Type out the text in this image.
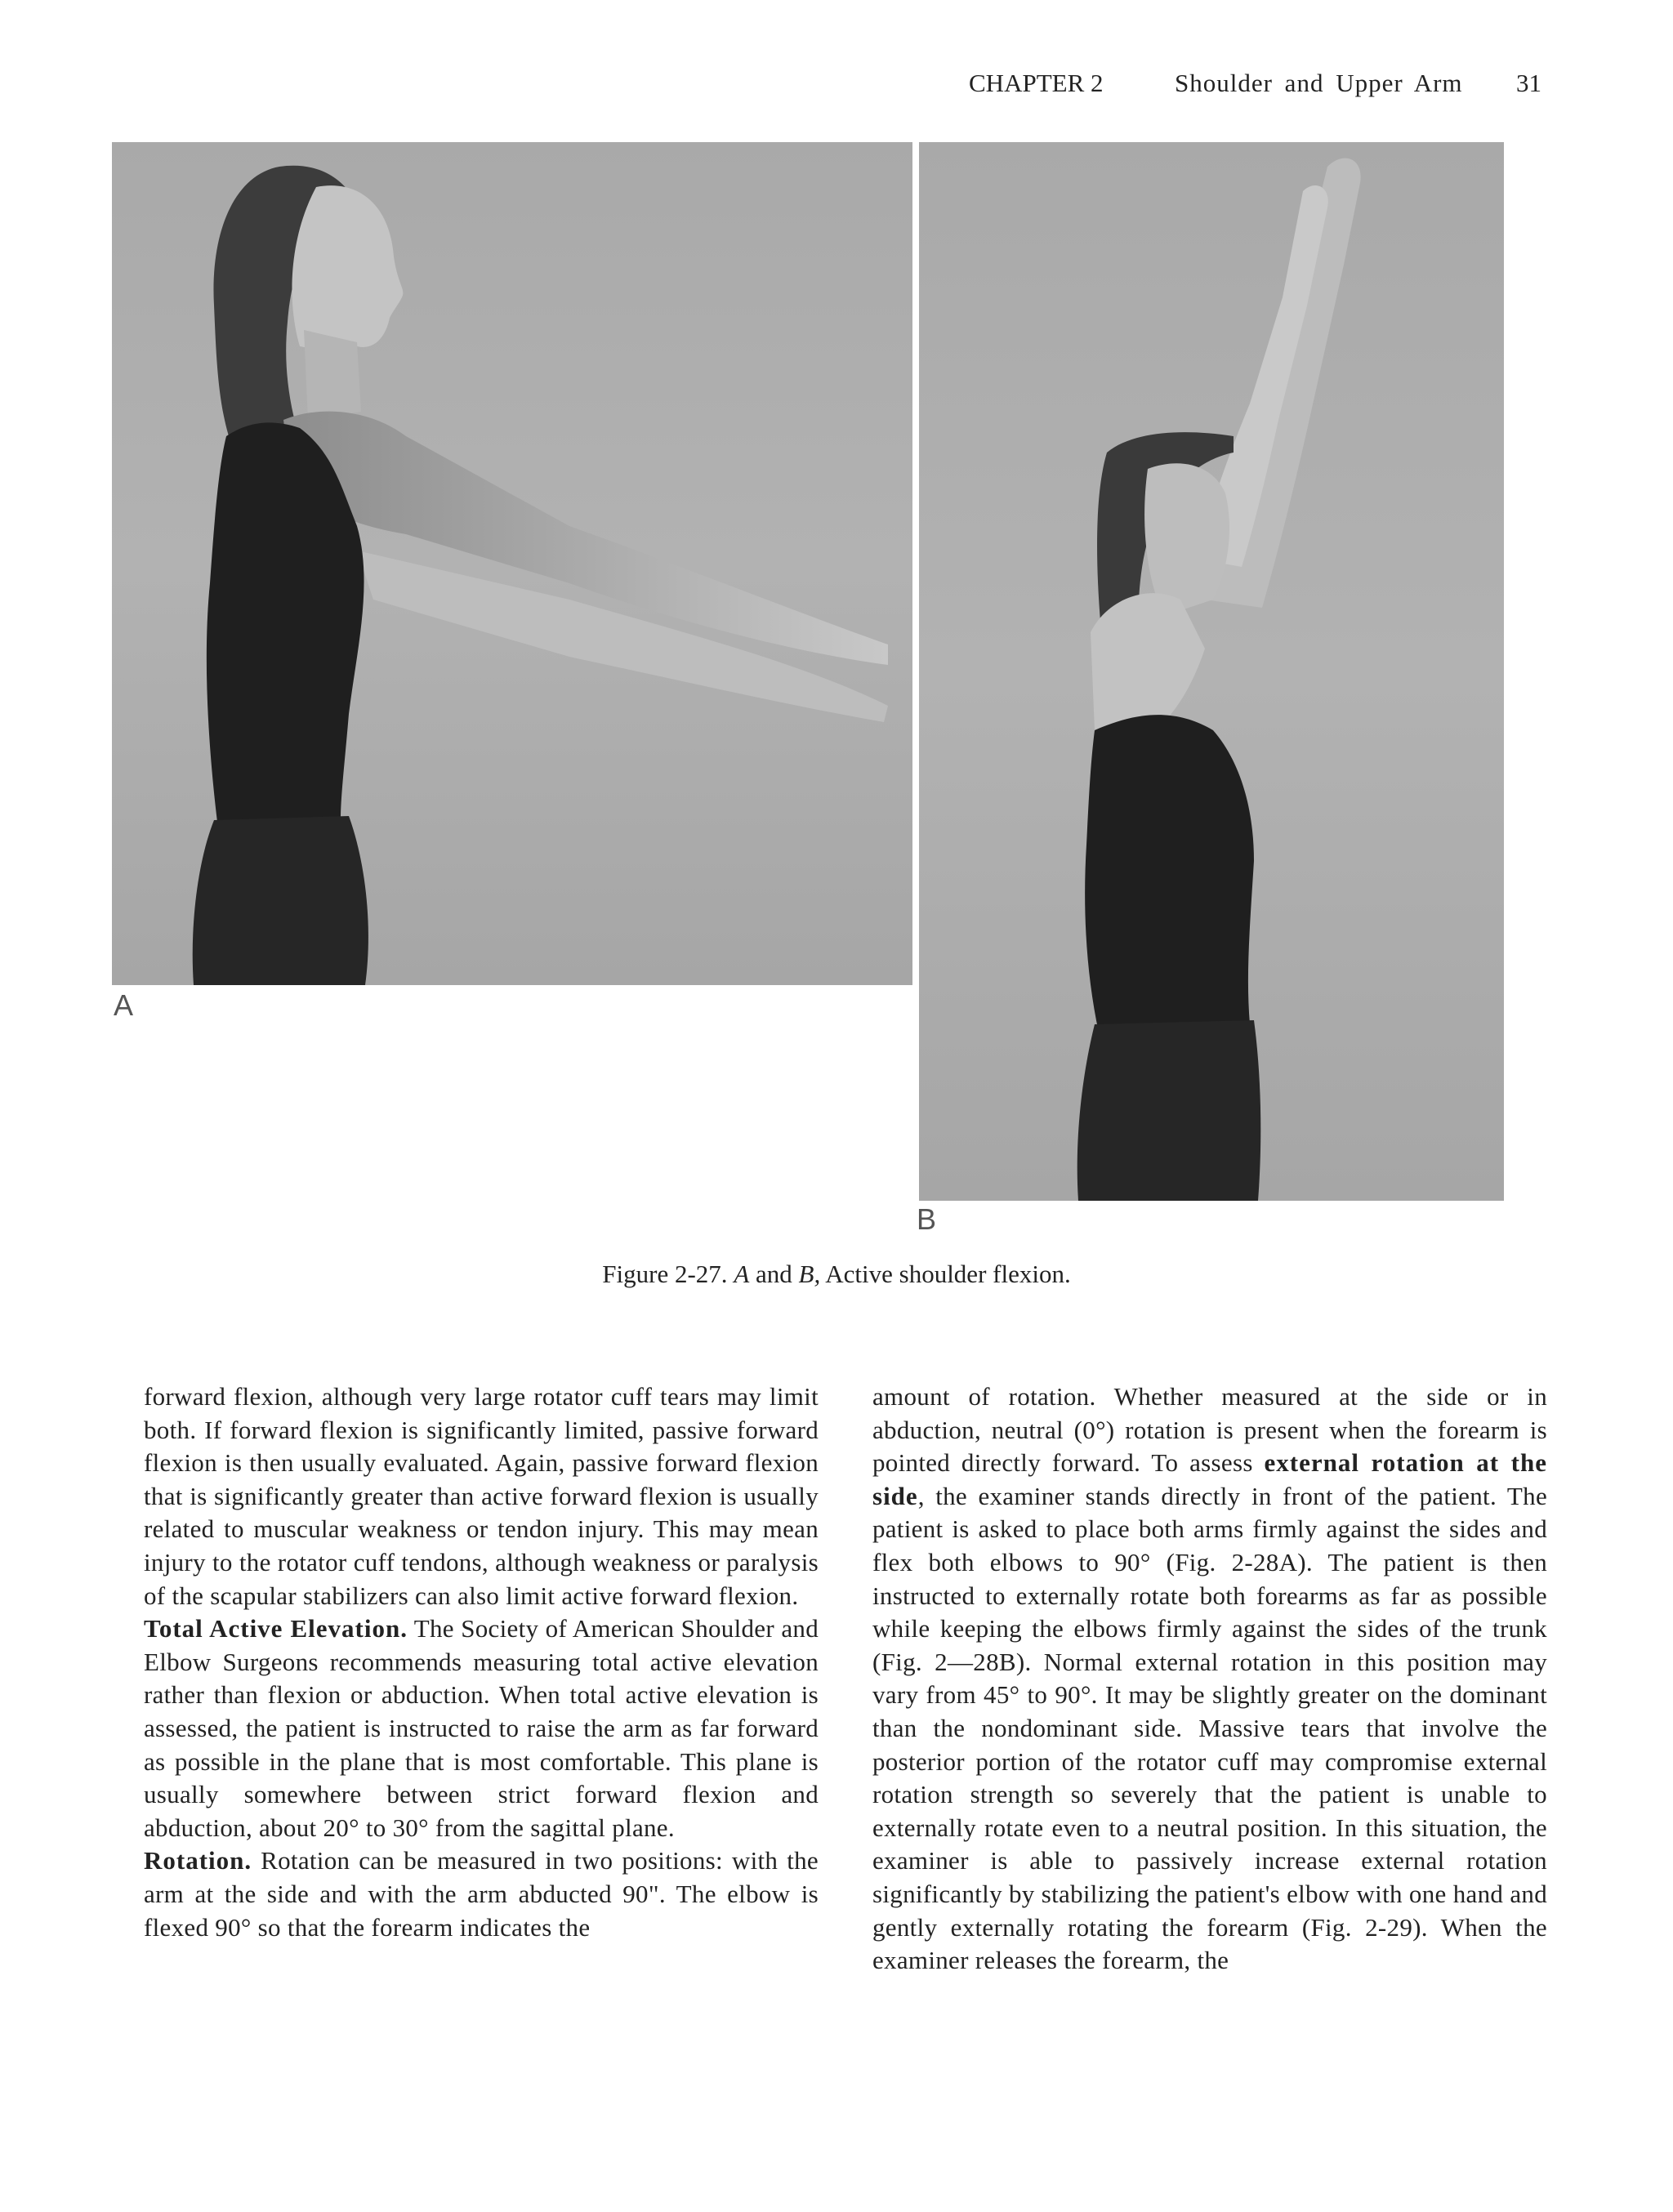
CHAPTER 2	Shoulder and Upper Arm 31
A
B
Figure 2-27. A and B, Active shoulder flexion.

forward flexion, although very large rotator cuff tears may limit both. If forward flexion is significantly limited, passive forward flexion is then usually evaluated. Again, passive forward flexion that is significantly greater than active forward flexion is usually related to muscular weakness or tendon injury. This may mean injury to the rotator cuff tendons, although weakness or paralysis of the scapular stabilizers can also limit active forward flexion.

Total Active Elevation. The Society of American Shoulder and Elbow Surgeons recommends measuring total active elevation rather than flexion or abduction. When total active elevation is assessed, the patient is instructed to raise the arm as far forward as possible in the plane that is most comfortable. This plane is usually somewhere between strict forward flexion and abduction, about 20° to 30° from the sagittal plane.

Rotation. Rotation can be measured in two positions: with the arm at the side and with the arm abducted 90". The elbow is flexed 90° so that the forearm indicates the

amount of rotation. Whether measured at the side or in abduction, neutral (0°) rotation is present when the forearm is pointed directly forward. To assess external rotation at the side, the examiner stands directly in front of the patient. The patient is asked to place both arms firmly against the sides and flex both elbows to 90° (Fig. 2-28A). The patient is then instructed to externally rotate both forearms as far as possible while keeping the elbows firmly against the sides of the trunk (Fig. 2—28B). Normal external rotation in this position may vary from 45° to 90°. It may be slightly greater on the dominant than the nondominant side. Massive tears that involve the posterior portion of the rotator cuff may compromise external rotation strength so severely that the patient is unable to externally rotate even to a neutral position. In this situation, the examiner is able to passively increase external rotation significantly by stabilizing the patient's elbow with one hand and gently externally rotating the forearm (Fig. 2-29). When the examiner releases the forearm, the
